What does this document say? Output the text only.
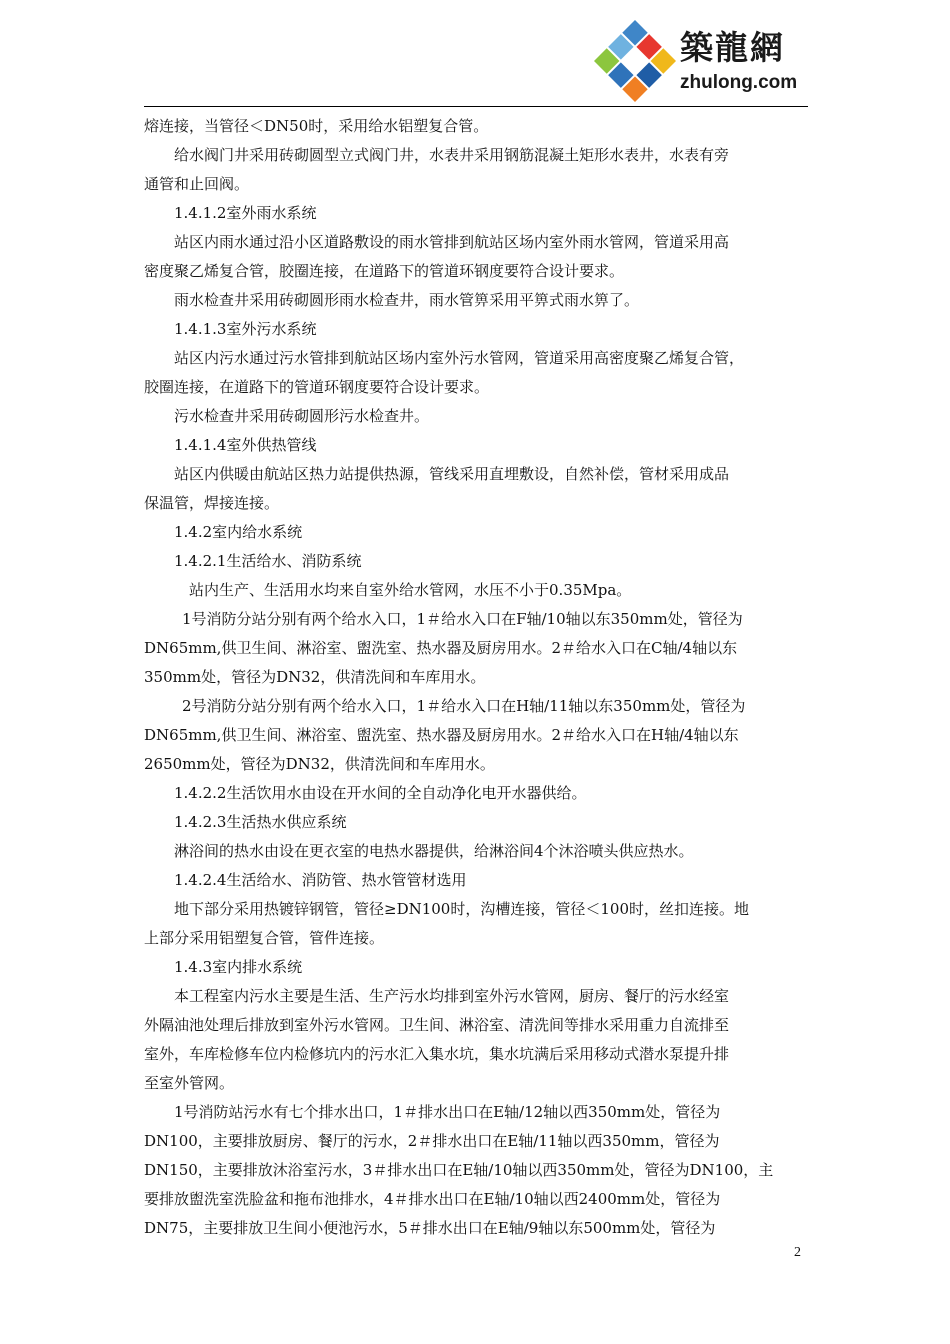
築龍網
zhulong.com

熔连接，当管径＜DN50时，采用给水铝塑复合管。

给水阀门井采用砖砌圆型立式阀门井，水表井采用钢筋混凝土矩形水表井，水表有旁

通管和止回阀。

1.4.1.2室外雨水系统

站区内雨水通过沿小区道路敷设的雨水管排到航站区场内室外雨水管网，管道采用高

密度聚乙烯复合管，胶圈连接，在道路下的管道环钢度要符合设计要求。

雨水检查井采用砖砌圆形雨水检查井，雨水管箅采用平箅式雨水箅了。

1.4.1.3室外污水系统

站区内污水通过污水管排到航站区场内室外污水管网，管道采用高密度聚乙烯复合管，

胶圈连接，在道路下的管道环钢度要符合设计要求。

污水检查井采用砖砌圆形污水检查井。

1.4.1.4室外供热管线

站区内供暖由航站区热力站提供热源，管线采用直埋敷设，自然补偿，管材采用成品

保温管，焊接连接。

1.4.2室内给水系统

1.4.2.1生活给水、消防系统

站内生产、生活用水均来自室外给水管网，水压不小于0.35Mpa。

1号消防分站分别有两个给水入口，1＃给水入口在F轴/10轴以东350mm处，管径为

DN65mm,供卫生间、淋浴室、盥洗室、热水器及厨房用水。2＃给水入口在C轴/4轴以东

350mm处，管径为DN32，供清洗间和车库用水。

2号消防分站分别有两个给水入口，1＃给水入口在H轴/11轴以东350mm处，管径为

DN65mm,供卫生间、淋浴室、盥洗室、热水器及厨房用水。2＃给水入口在H轴/4轴以东

2650mm处，管径为DN32，供清洗间和车库用水。

1.4.2.2生活饮用水由设在开水间的全自动净化电开水器供给。

1.4.2.3生活热水供应系统

淋浴间的热水由设在更衣室的电热水器提供，给淋浴间4个沐浴喷头供应热水。

1.4.2.4生活给水、消防管、热水管管材选用

地下部分采用热镀锌钢管，管径≥DN100时，沟槽连接，管径＜100时，丝扣连接。地

上部分采用铝塑复合管，管件连接。

1.4.3室内排水系统

本工程室内污水主要是生活、生产污水均排到室外污水管网，厨房、餐厅的污水经室

外隔油池处理后排放到室外污水管网。卫生间、淋浴室、清洗间等排水采用重力自流排至

室外，车库检修车位内检修坑内的污水汇入集水坑，集水坑满后采用移动式潜水泵提升排

至室外管网。

1号消防站污水有七个排水出口，1＃排水出口在E轴/12轴以西350mm处，管径为

DN100，主要排放厨房、餐厅的污水，2＃排水出口在E轴/11轴以西350mm，管径为

DN150，主要排放沐浴室污水，3＃排水出口在E轴/10轴以西350mm处，管径为DN100，主

要排放盥洗室洗脸盆和拖布池排水，4＃排水出口在E轴/10轴以西2400mm处，管径为

DN75，主要排放卫生间小便池污水，5＃排水出口在E轴/9轴以东500mm处，管径为

2
